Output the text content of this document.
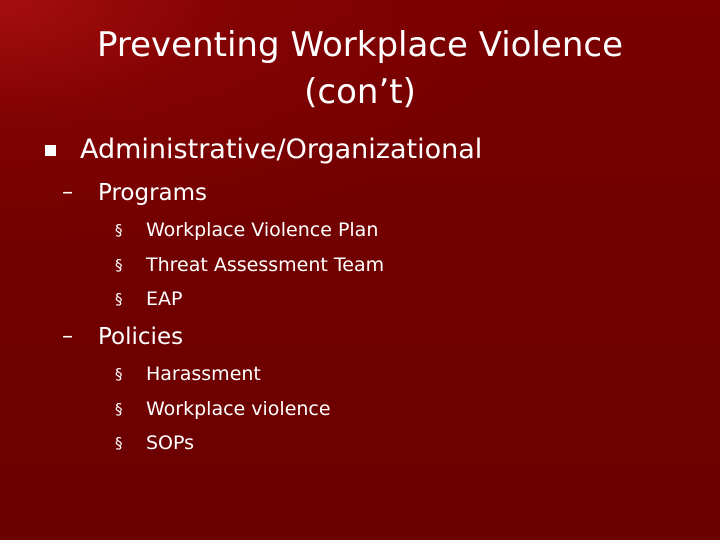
Preventing Workplace Violence
(con’t)
Administrative/Organizational
– Programs
§ Workplace Violence Plan
§ Threat Assessment Team
§ EAP
– Policies
§ Harassment
§ Workplace violence
§ SOPs
